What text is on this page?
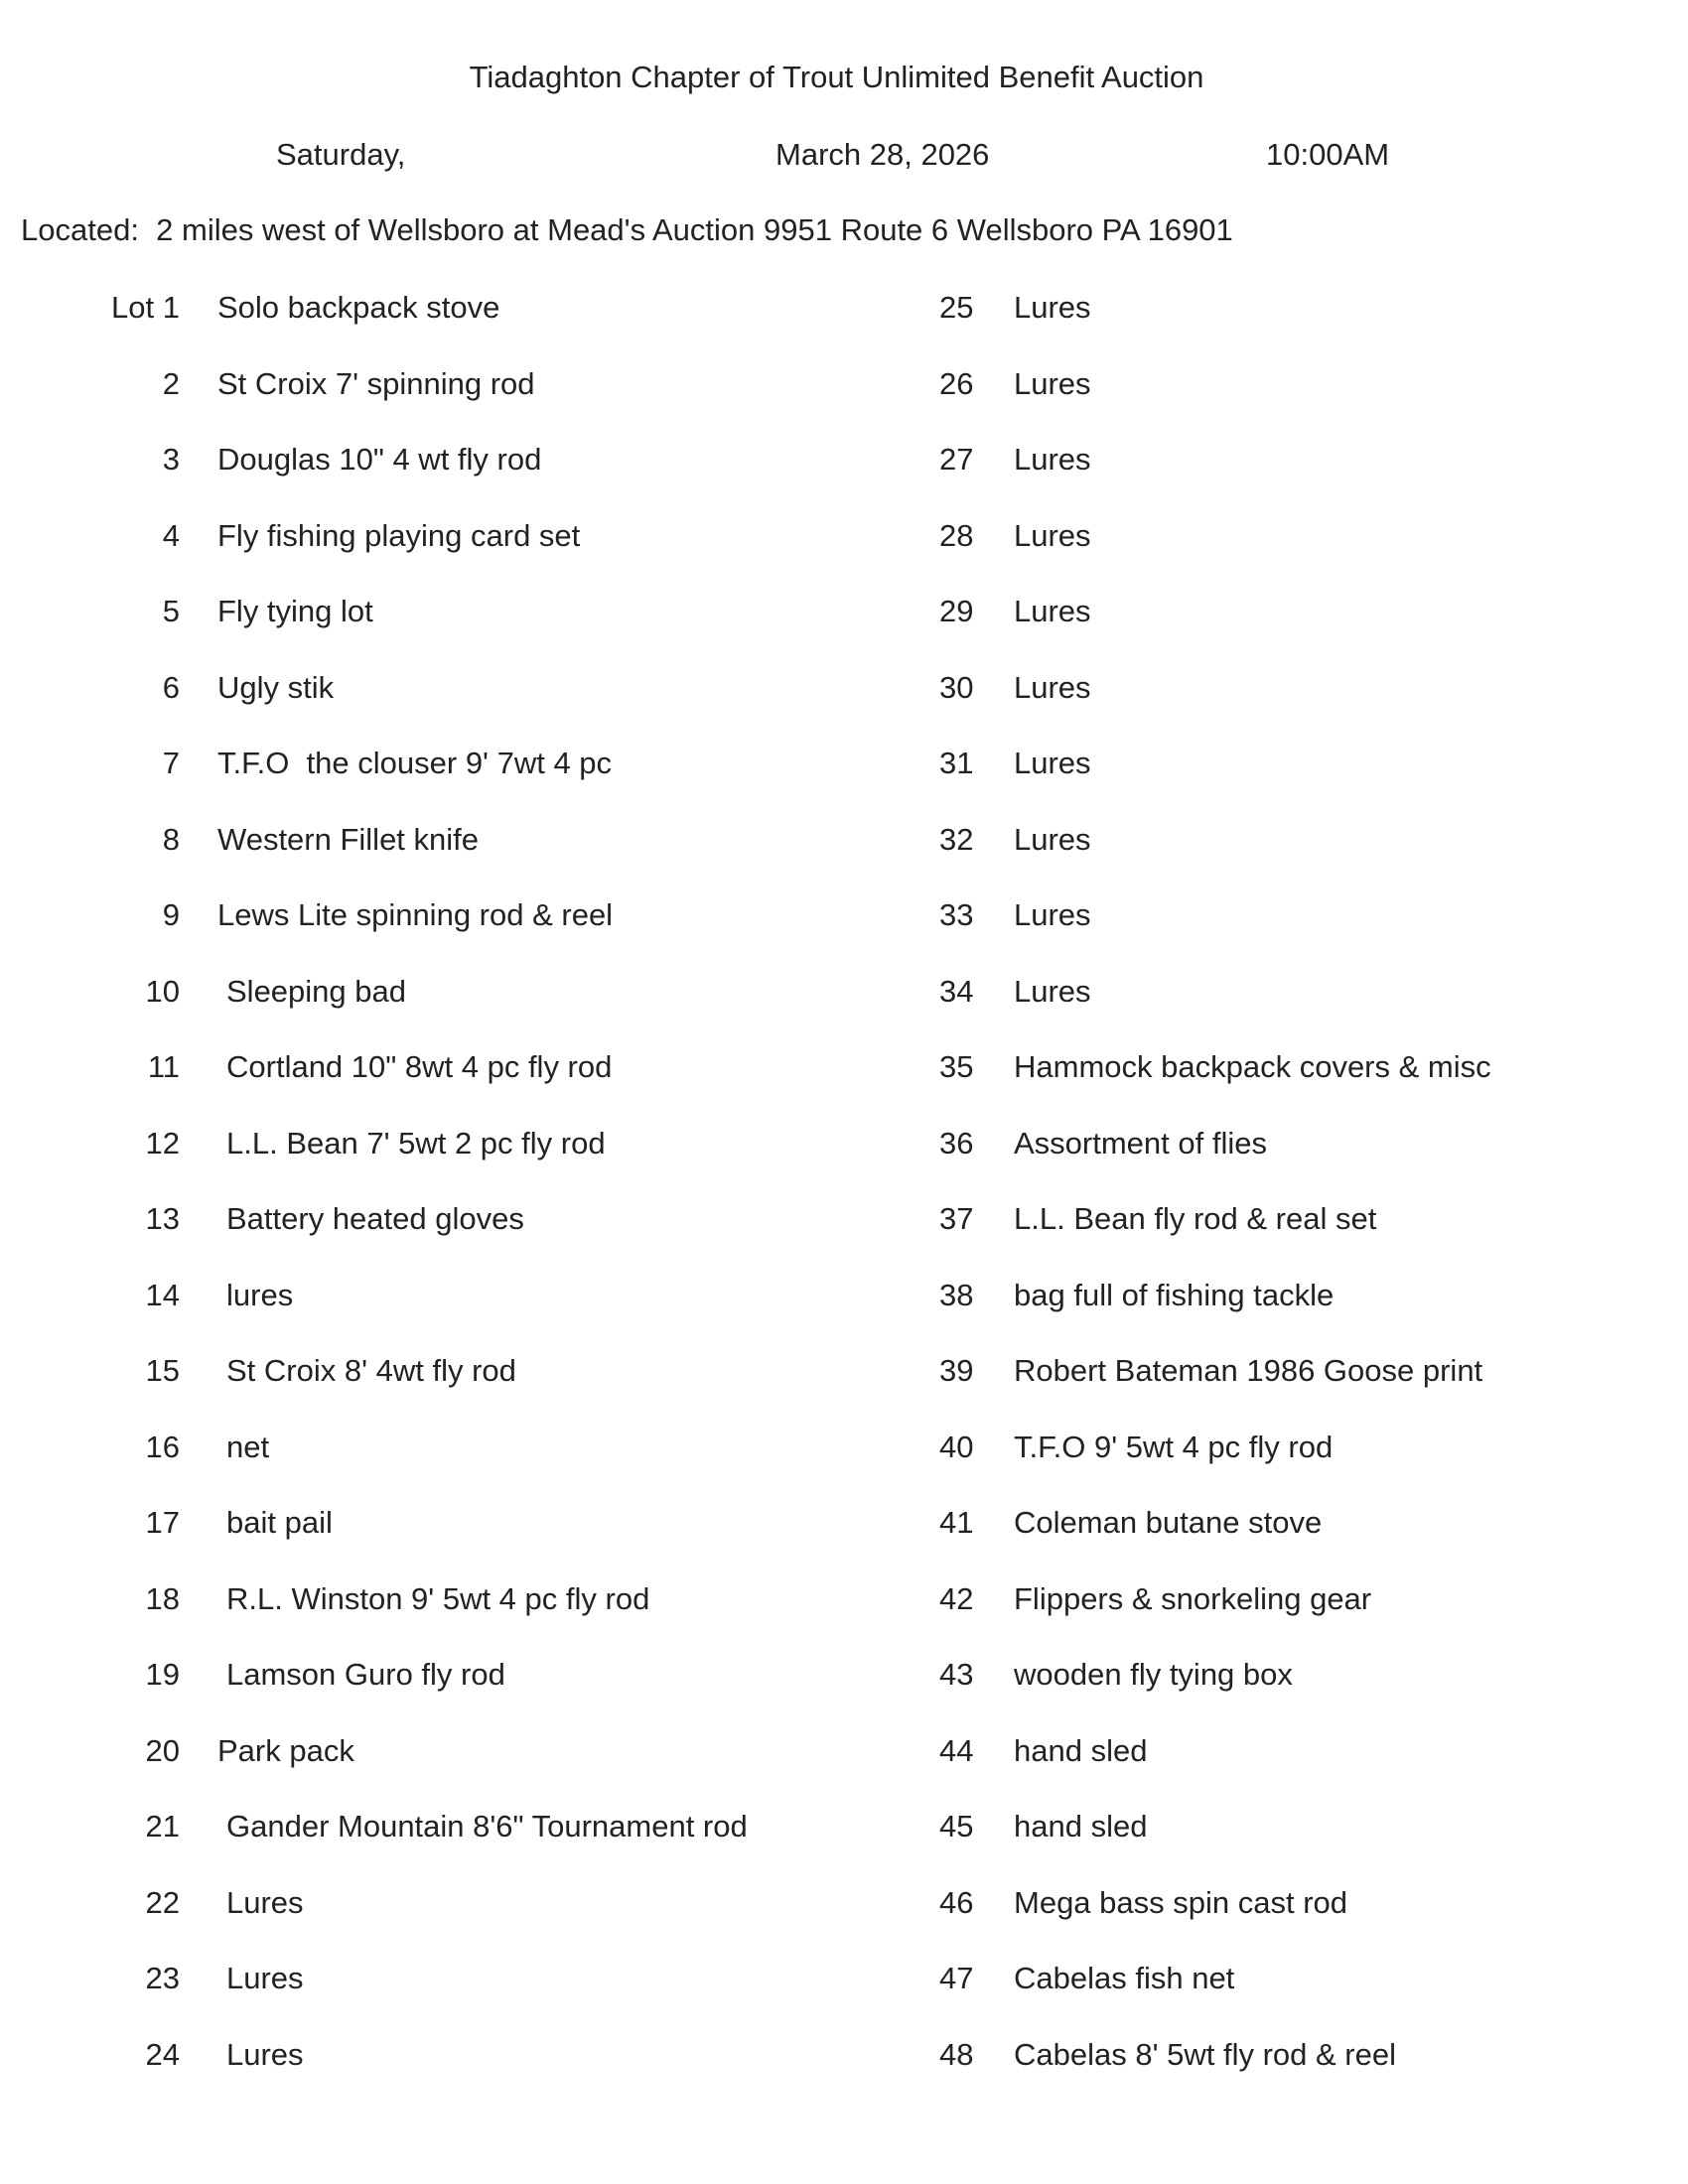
Tiadaghton Chapter of Trout Unlimited Benefit Auction
Saturday,	March 28, 2026	10:00AM
Located:  2 miles west of Wellsboro at Mead's Auction 9951 Route 6 Wellsboro PA 16901
Lot 1 Solo backpack stove
2 St Croix 7' spinning rod
3 Douglas 10" 4 wt fly rod
4 Fly fishing playing card set
5 Fly tying lot
6 Ugly stik
7 T.F.O  the clouser 9' 7wt 4 pc
8 Western Fillet knife
9 Lews Lite spinning rod & reel
10 Sleeping bad
11 Cortland 10" 8wt 4 pc fly rod
12 L.L. Bean 7' 5wt 2 pc fly rod
13 Battery heated gloves
14 lures
15 St Croix 8' 4wt fly rod
16 net
17 bait pail
18 R.L. Winston 9' 5wt 4 pc fly rod
19 Lamson Guro fly rod
20 Park pack
21 Gander Mountain 8'6" Tournament rod
22 Lures
23 Lures
24 Lures
25 Lures
26 Lures
27 Lures
28 Lures
29 Lures
30 Lures
31 Lures
32 Lures
33 Lures
34 Lures
35 Hammock backpack covers & misc
36 Assortment of flies
37 L.L. Bean fly rod & real set
38 bag full of fishing tackle
39 Robert Bateman 1986 Goose print
40 T.F.O 9' 5wt 4 pc fly rod
41 Coleman butane stove
42 Flippers & snorkeling gear
43 wooden fly tying box
44 hand sled
45 hand sled
46 Mega bass spin cast rod
47 Cabelas fish net
48 Cabelas 8' 5wt fly rod & reel
